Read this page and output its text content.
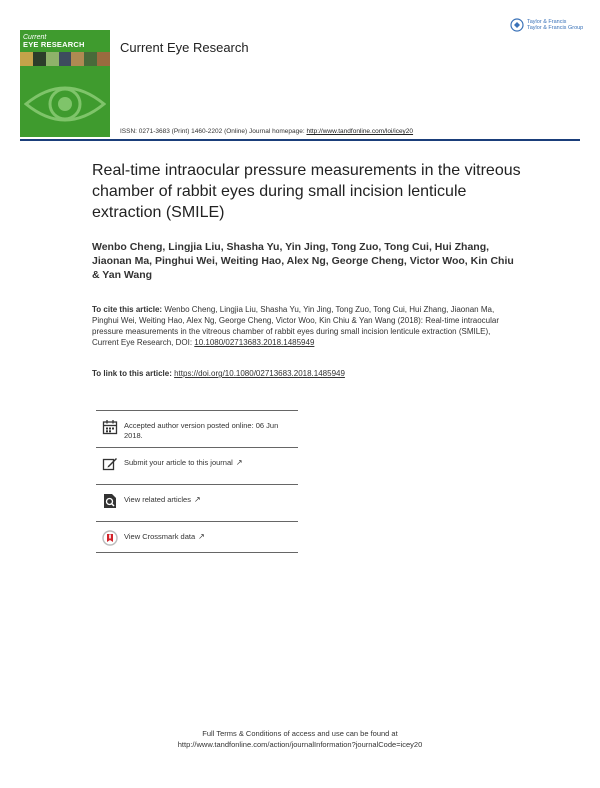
Current
EYE RESEARCH	Current Eye Research
Taylor & Francis
Taylor & Francis Group
ISSN: 0271-3683 (Print) 1460-2202 (Online) Journal homepage: http://www.tandfonline.com/loi/icey20
Real-time intraocular pressure measurements in the vitreous chamber of rabbit eyes during small incision lenticule extraction (SMILE)
Wenbo Cheng, Lingjia Liu, Shasha Yu, Yin Jing, Tong Zuo, Tong Cui, Hui Zhang, Jiaonan Ma, Pinghui Wei, Weiting Hao, Alex Ng, George Cheng, Victor Woo, Kin Chiu & Yan Wang
To cite this article: Wenbo Cheng, Lingjia Liu, Shasha Yu, Yin Jing, Tong Zuo, Tong Cui, Hui Zhang, Jiaonan Ma, Pinghui Wei, Weiting Hao, Alex Ng, George Cheng, Victor Woo, Kin Chiu & Yan Wang (2018): Real-time intraocular pressure measurements in the vitreous chamber of rabbit eyes during small incision lenticule extraction (SMILE), Current Eye Research, DOI: 10.1080/02713683.2018.1485949
To link to this article: https://doi.org/10.1080/02713683.2018.1485949
Accepted author version posted online: 06 Jun 2018.
Submit your article to this journal ↗
View related articles ↗
View Crossmark data ↗
Full Terms & Conditions of access and use can be found at
http://www.tandfonline.com/action/journalInformation?journalCode=icey20
